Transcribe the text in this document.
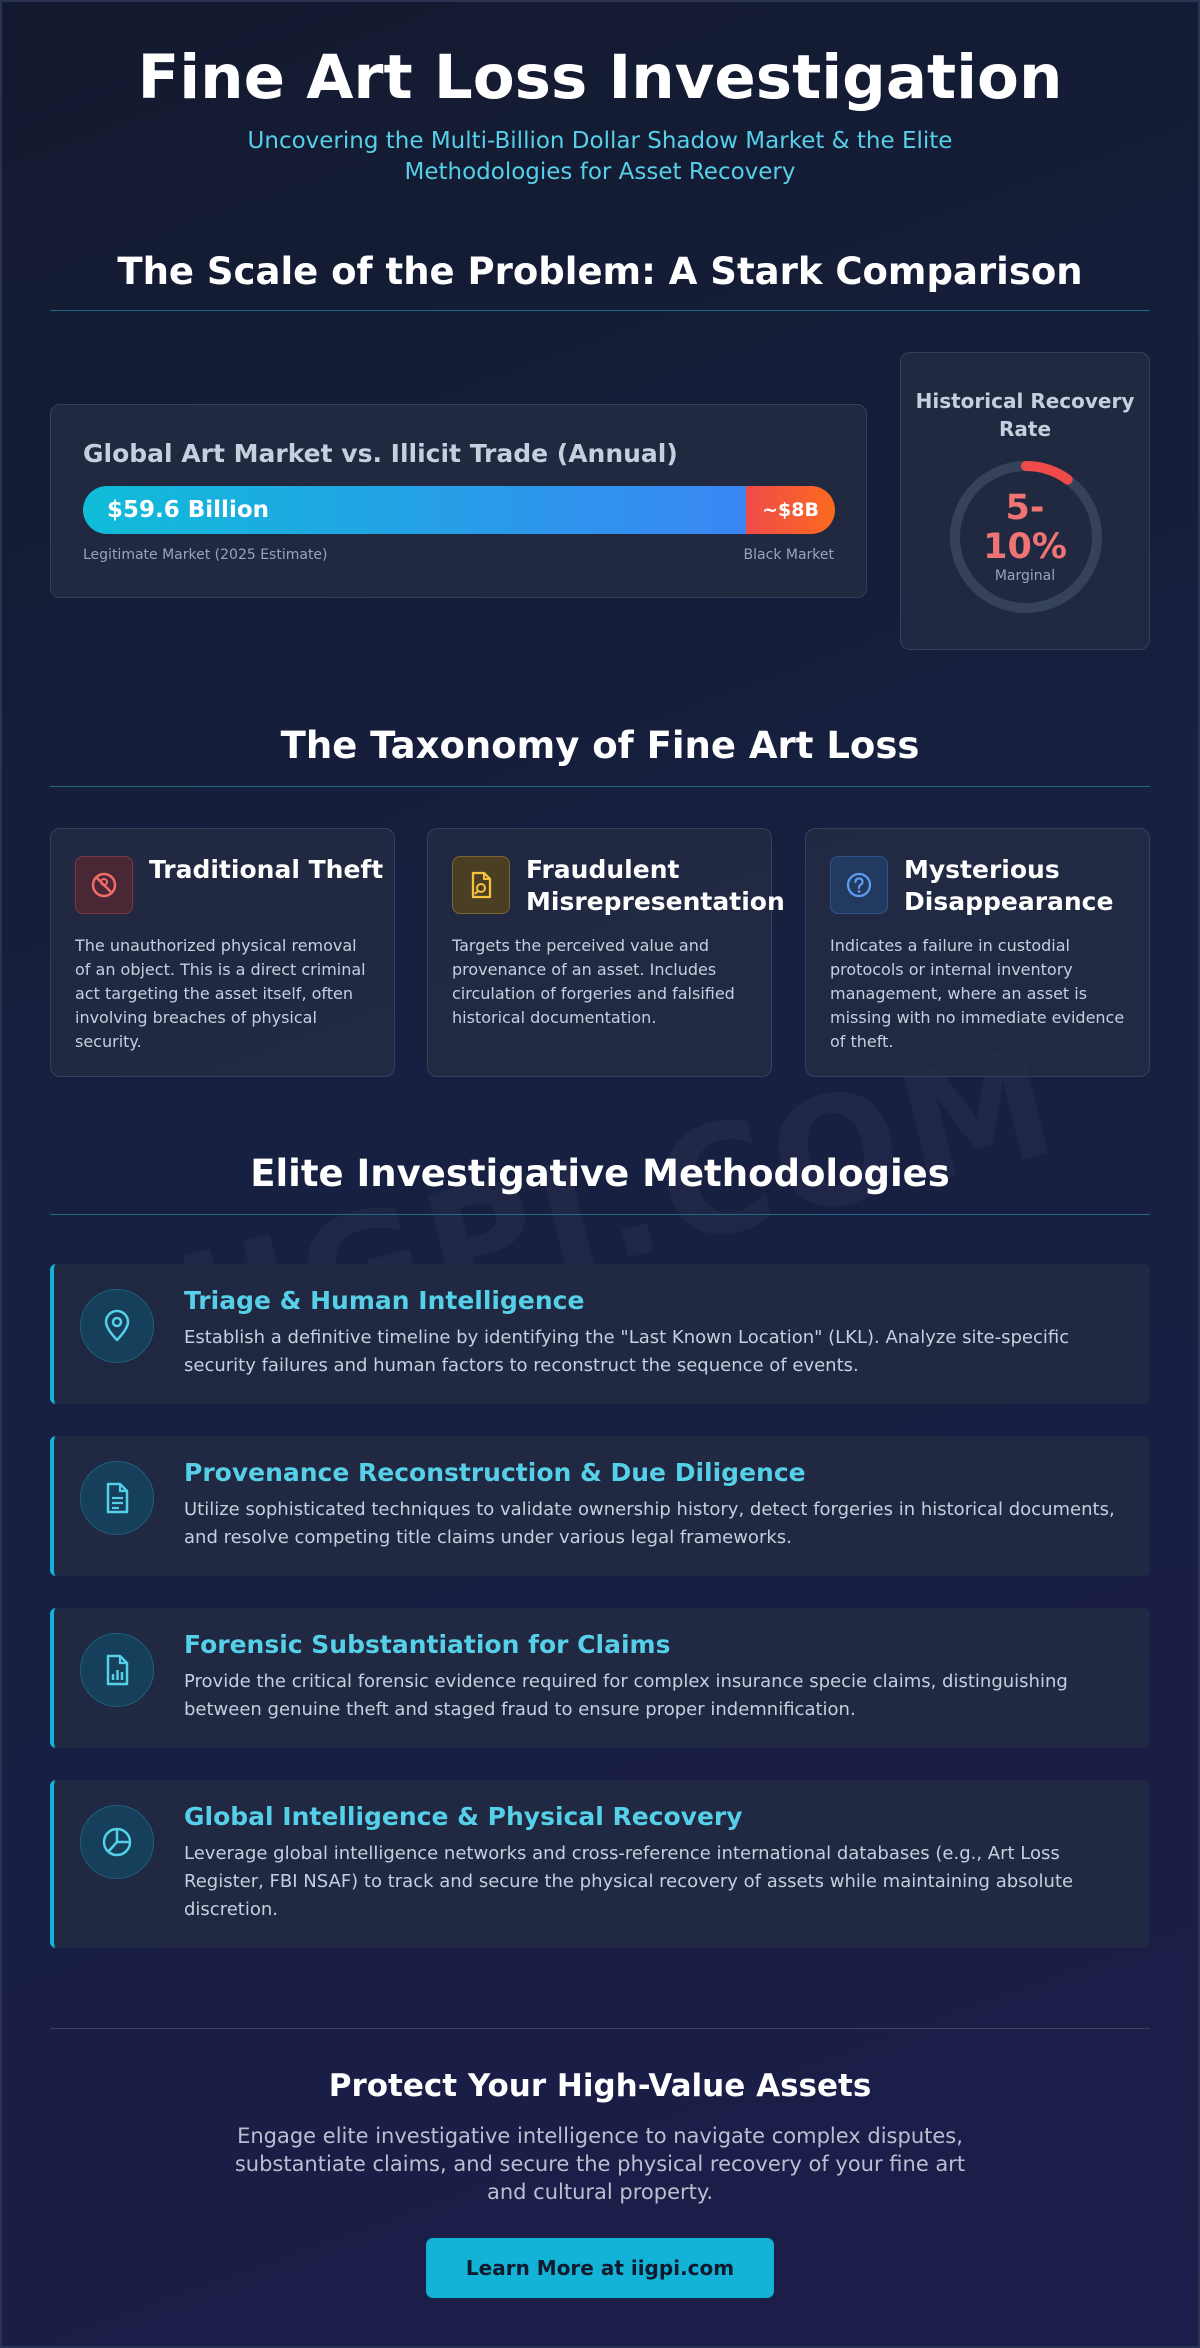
Fine Art Loss Investigation

Uncovering the Multi-Billion Dollar Shadow Market & the Elite Methodologies for Asset Recovery

The Scale of the Problem: A Stark Comparison
Global Art Market vs. Illicit Trade (Annual)
$59.6 Billion	~$8B
Legitimate Market (2025 Estimate)	Black Market
Historical Recovery Rate
5-
10%
Marginal
The Taxonomy of Fine Art Loss
Traditional Theft
The unauthorized physical removal of an object. This is a direct criminal act targeting the asset itself, often involving breaches of physical security.
Fraudulent Misrepresentation
Targets the perceived value and provenance of an asset. Includes circulation of forgeries and falsified historical documentation.
Mysterious Disappearance
Indicates a failure in custodial protocols or internal inventory management, where an asset is missing with no immediate evidence of theft.
Elite Investigative Methodologies
Triage & Human Intelligence
Establish a definitive timeline by identifying the "Last Known Location" (LKL). Analyze site-specific security failures and human factors to reconstruct the sequence of events.
Provenance Reconstruction & Due Diligence
Utilize sophisticated techniques to validate ownership history, detect forgeries in historical documents, and resolve competing title claims under various legal frameworks.
Forensic Substantiation for Claims
Provide the critical forensic evidence required for complex insurance specie claims, distinguishing between genuine theft and staged fraud to ensure proper indemnification.
Global Intelligence & Physical Recovery
Leverage global intelligence networks and cross-reference international databases (e.g., Art Loss Register, FBI NSAF) to track and secure the physical recovery of assets while maintaining absolute discretion.
Protect Your High-Value Assets

Engage elite investigative intelligence to navigate complex disputes, substantiate claims, and secure the physical recovery of your fine art and cultural property.

Learn More at iigpi.com
